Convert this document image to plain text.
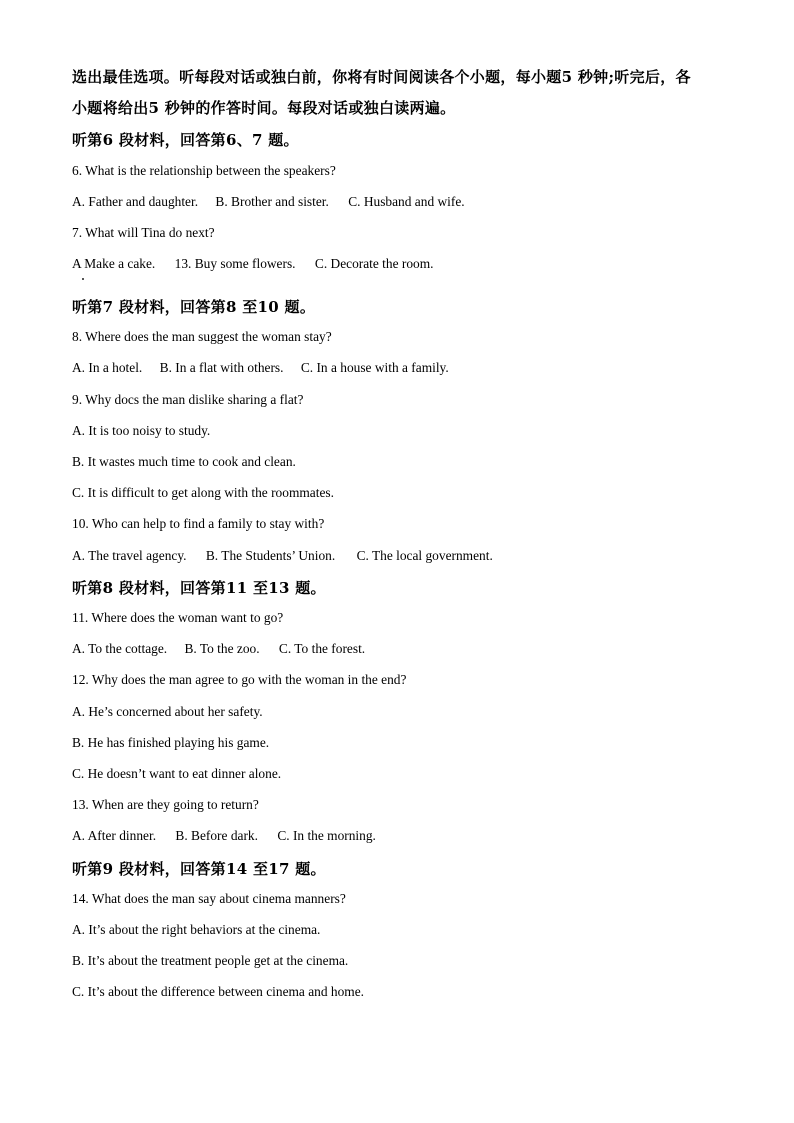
选出最佳选项。听每段对话或独白前，你将有时间阅读各个小题，每小题5 秒钟;听完后，各
小题将给出5 秒钟的作答时间。每段对话或独白读两遍。
听第6 段材料，回答第6、7 题。
6. What is the relationship between the speakers?
A. Father and daughter. B. Brother and sister. C. Husband and wife.
7. What will Tina do next?
A Make a cake. 13. Buy some flowers. C. Decorate the room.
听第7 段材料，回答第8 至10 题。
8. Where does the man suggest the woman stay?
A. In a hotel. B. In a flat with others. C. In a house with a family.
9. Why docs the man dislike sharing a flat?
A. It is too noisy to study.
B. It wastes much time to cook and clean.
C. It is difficult to get along with the roommates.
10. Who can help to find a family to stay with?
A. The travel agency. B. The Students’ Union. C. The local government.
听第8 段材料，回答第11 至13 题。
11. Where does the woman want to go?
A. To the cottage. B. To the zoo. C. To the forest.
12. Why does the man agree to go with the woman in the end?
A. He’s concerned about her safety.
B. He has finished playing his game.
C. He doesn’t want to eat dinner alone.
13. When are they going to return?
A. After dinner. B. Before dark. C. In the morning.
听第9 段材料，回答第14 至17 题。
14. What does the man say about cinema manners?
A. It’s about the right behaviors at the cinema.
B. It’s about the treatment people get at the cinema.
C. It’s about the difference between cinema and home.
